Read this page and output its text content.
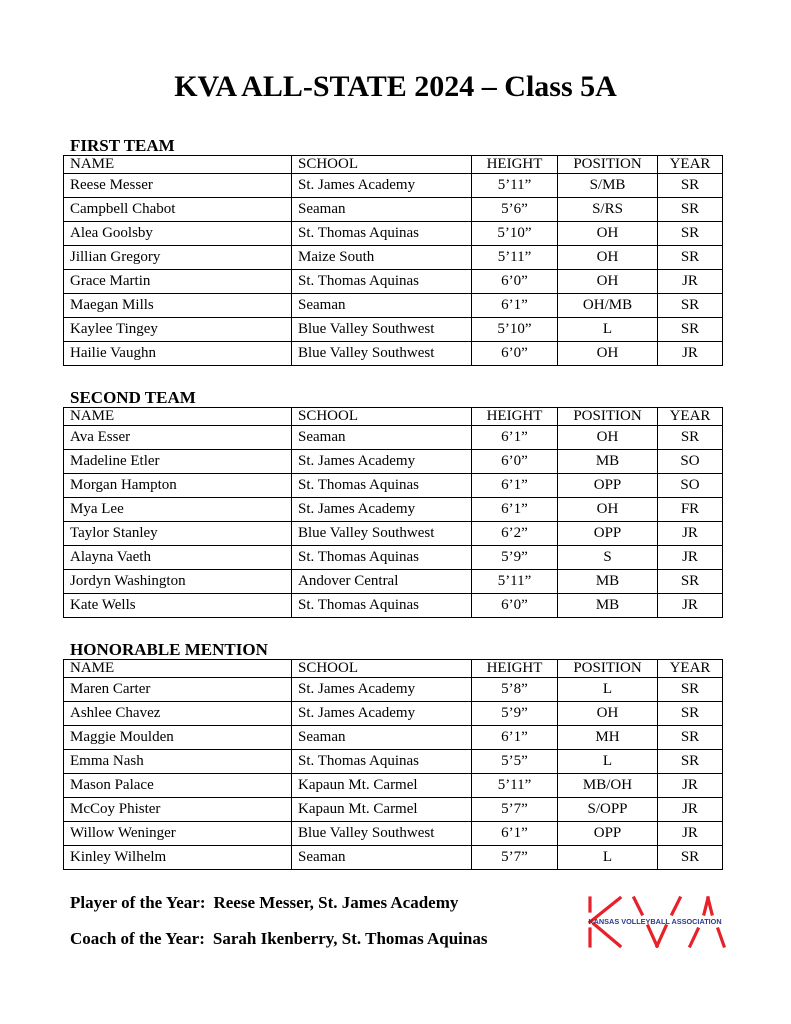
KVA ALL-STATE 2024 – Class 5A
FIRST TEAM
NAME	SCHOOL	HEIGHT	POSITION	YEAR
Reese Messer	St. James Academy	5’11”	S/MB	SR
Campbell Chabot	Seaman	5’6”	S/RS	SR
Alea Goolsby	St. Thomas Aquinas	5’10”	OH	SR
Jillian Gregory	Maize South	5’11”	OH	SR
Grace Martin	St. Thomas Aquinas	6’0”	OH	JR
Maegan Mills	Seaman	6’1”	OH/MB	SR
Kaylee Tingey	Blue Valley Southwest	5’10”	L	SR
Hailie Vaughn	Blue Valley Southwest	6’0”	OH	JR
SECOND TEAM
NAME	SCHOOL	HEIGHT	POSITION	YEAR
Ava Esser	Seaman	6’1”	OH	SR
Madeline Etler	St. James Academy	6’0”	MB	SO
Morgan Hampton	St. Thomas Aquinas	6’1”	OPP	SO
Mya Lee	St. James Academy	6’1”	OH	FR
Taylor Stanley	Blue Valley Southwest	6’2”	OPP	JR
Alayna Vaeth	St. Thomas Aquinas	5’9”	S	JR
Jordyn Washington	Andover Central	5’11”	MB	SR
Kate Wells	St. Thomas Aquinas	6’0”	MB	JR
HONORABLE MENTION
NAME	SCHOOL	HEIGHT	POSITION	YEAR
Maren Carter	St. James Academy	5’8”	L	SR
Ashlee Chavez	St. James Academy	5’9”	OH	SR
Maggie Moulden	Seaman	6’1”	MH	SR
Emma Nash	St. Thomas Aquinas	5’5”	L	SR
Mason Palace	Kapaun Mt. Carmel	5’11”	MB/OH	JR
McCoy Phister	Kapaun Mt. Carmel	5’7”	S/OPP	JR
Willow Weninger	Blue Valley Southwest	6’1”	OPP	JR
Kinley Wilhelm	Seaman	5’7”	L	SR
Player of the Year: Reese Messer, St. James Academy
Coach of the Year: Sarah Ikenberry, St. Thomas Aquinas
KANSAS VOLLEYBALL ASSOCIATION
